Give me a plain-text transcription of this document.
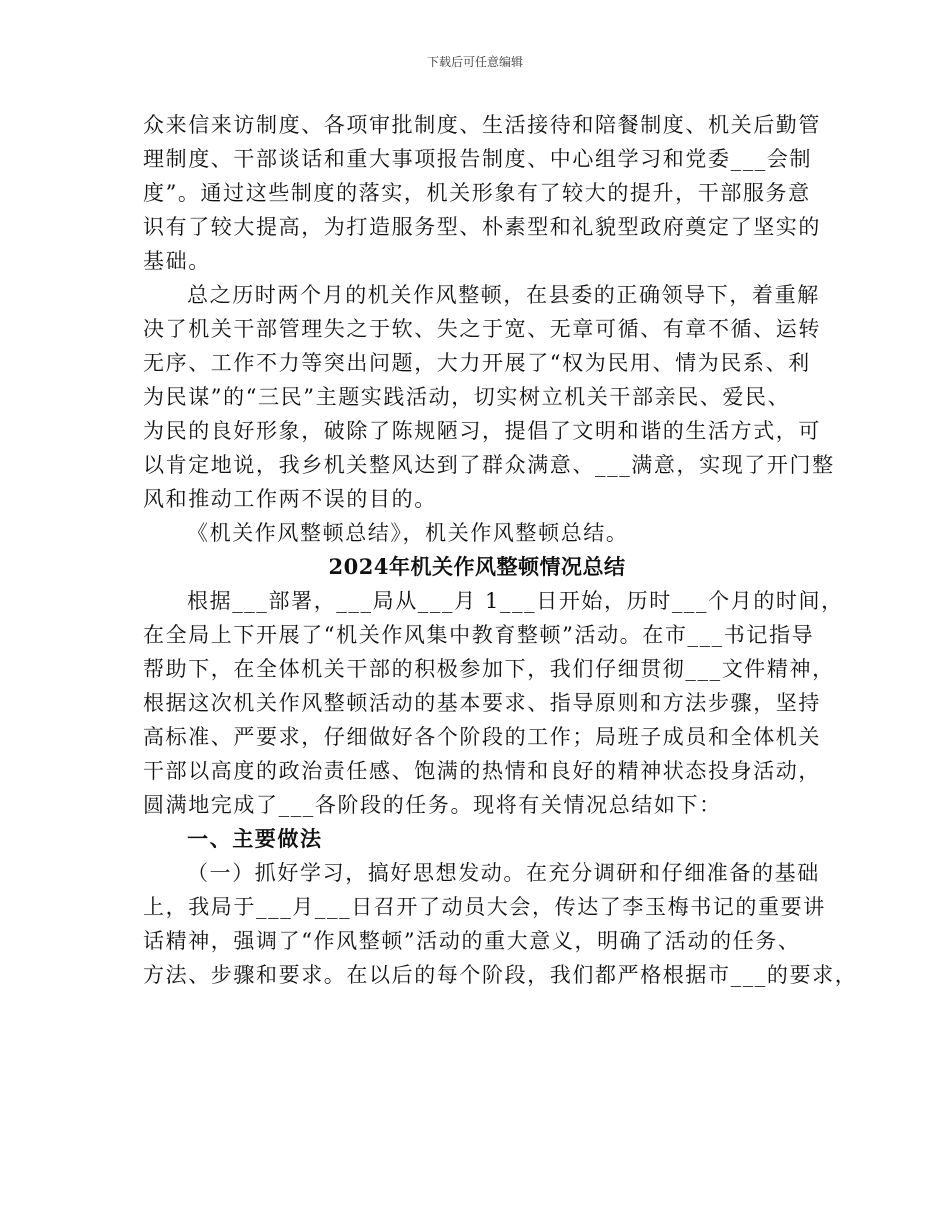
下载后可任意编辑
众来信来访制度、各项审批制度、生活接待和陪餐制度、机关后勤管
理制度、干部谈话和重大事项报告制度、中心组学习和党委___会制
度”。通过这些制度的落实，机关形象有了较大的提升，干部服务意
识有了较大提高，为打造服务型、朴素型和礼貌型政府奠定了坚实的
基础。
总之历时两个月的机关作风整顿，在县委的正确领导下，着重解
决了机关干部管理失之于软、失之于宽、无章可循、有章不循、运转
无序、工作不力等突出问题，大力开展了“权为民用、情为民系、利
为民谋”的“三民”主题实践活动，切实树立机关干部亲民、爱民、
为民的良好形象，破除了陈规陋习，提倡了文明和谐的生活方式，可
以肯定地说，我乡机关整风达到了群众满意、___满意，实现了开门整
风和推动工作两不误的目的。
《机关作风整顿总结》，机关作风整顿总结。
2024年机关作风整顿情况总结
根据___部署，___局从___月 1___日开始，历时___个月的时间，
在全局上下开展了“机关作风集中教育整顿”活动。在市___书记指导
帮助下，在全体机关干部的积极参加下，我们仔细贯彻___文件精神，
根据这次机关作风整顿活动的基本要求、指导原则和方法步骤，坚持
高标准、严要求，仔细做好各个阶段的工作；局班子成员和全体机关
干部以高度的政治责任感、饱满的热情和良好的精神状态投身活动，
圆满地完成了___各阶段的任务。现将有关情况总结如下：
一、主要做法
（一）抓好学习，搞好思想发动。在充分调研和仔细准备的基础
上，我局于___月___日召开了动员大会，传达了李玉梅书记的重要讲
话精神，强调了“作风整顿”活动的重大意义，明确了活动的任务、
方法、步骤和要求。在以后的每个阶段，我们都严格根据市___的要求，
